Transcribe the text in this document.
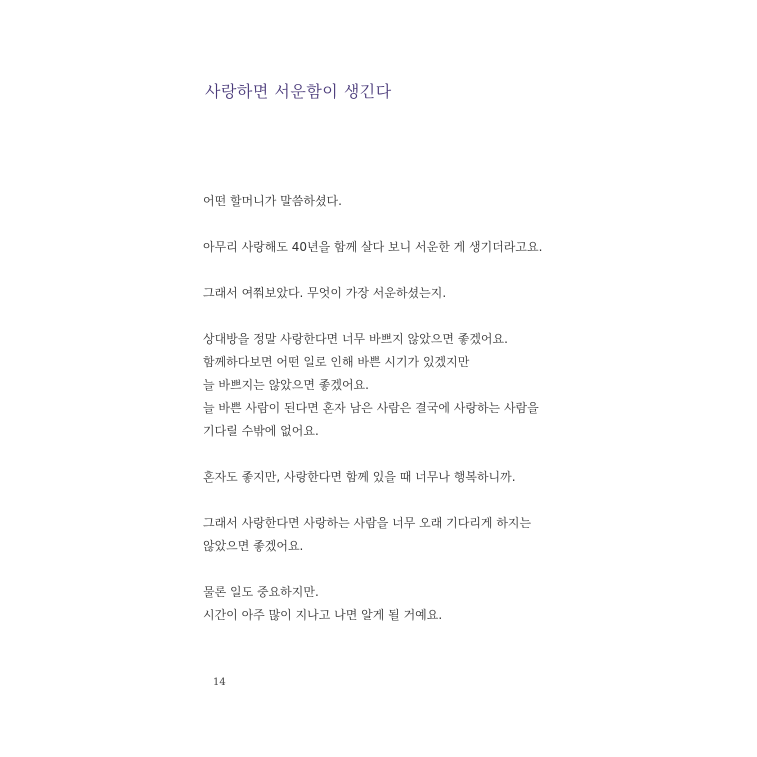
사랑하면 서운함이 생긴다

어떤 할머니가 말씀하셨다.

아무리 사랑해도 40년을 함께 살다 보니 서운한 게 생기더라고요.

그래서 여쭤보았다. 무엇이 가장 서운하셨는지.

상대방을 정말 사랑한다면 너무 바쁘지 않았으면 좋겠어요.
함께하다보면 어떤 일로 인해 바쁜 시기가 있겠지만
늘 바쁘지는 않았으면 좋겠어요.
늘 바쁜 사람이 된다면 혼자 남은 사람은 결국에 사랑하는 사람을
기다릴 수밖에 없어요.

혼자도 좋지만, 사랑한다면 함께 있을 때 너무나 행복하니까.

그래서 사랑한다면 사랑하는 사람을 너무 오래 기다리게 하지는
않았으면 좋겠어요.

물론 일도 중요하지만.
시간이 아주 많이 지나고 나면 알게 될 거예요.

14
